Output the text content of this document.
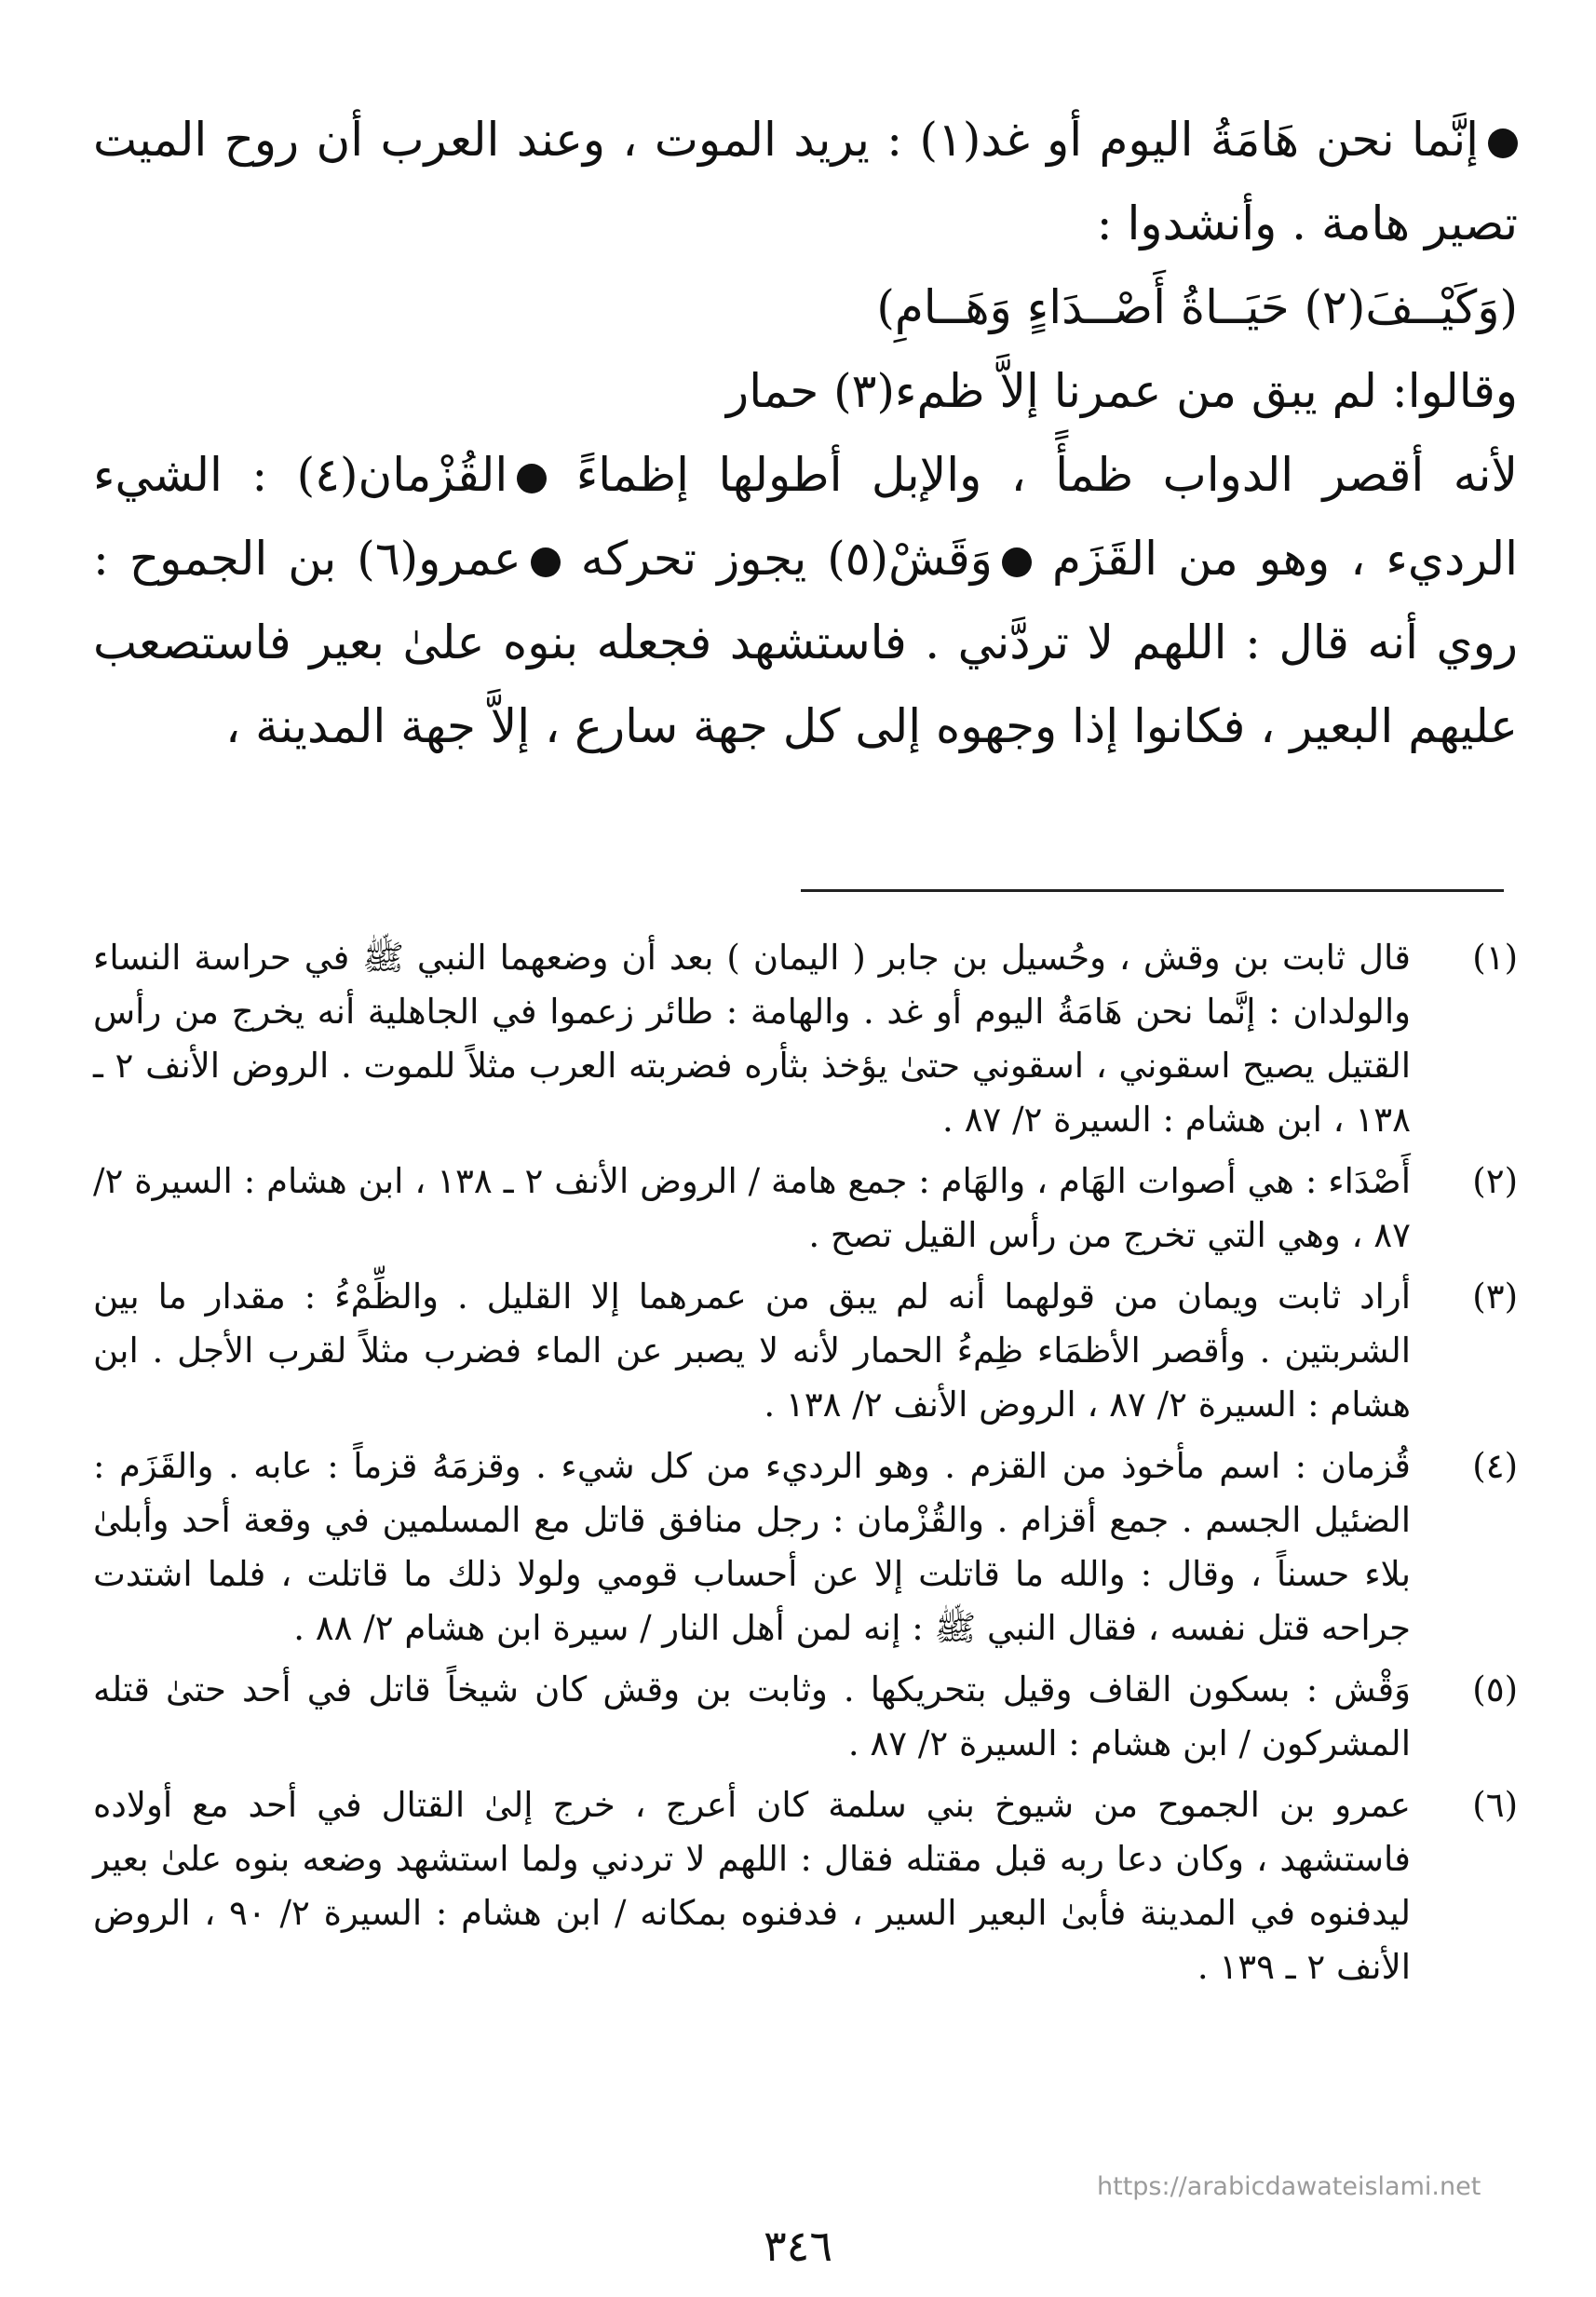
إنَّما نحن هَامَةُ اليوم أو غد(١) : يريد الموت ، وعند العرب أن روح الميت تصير هامة . وأنشدوا :

(وَكَيْــفَ(٢) حَيَــاةُ أَصْــدَاءٍ وَهَــامِ)

وقالوا: لم يبق من عمرنا إلاَّ ظمء(٣) حمار

لأنه أقصر الدواب ظمأً ، والإبل أطولها إظماءً القُزْمان(٤) : الشيء الرديء ، وهو من القَزَم وَقَشْ(٥) يجوز تحركه عمرو(٦) بن الجموح : روي أنه قال : اللهم لا تردَّني . فاستشهد فجعله بنوه علىٰ بعير فاستصعب عليهم البعير ، فكانوا إذا وجهوه إلى كل جهة سارع ، إلاَّ جهة المدينة ،

(١)
قال ثابت بن وقش ، وحُسيل بن جابر ( اليمان ) بعد أن وضعهما النبي ﷺ في حراسة النساء والولدان : إنَّما نحن هَامَةُ اليوم أو غد . والهامة : طائر زعموا في الجاهلية أنه يخرج من رأس القتيل يصيح اسقوني ، اسقوني حتىٰ يؤخذ بثأره فضربته العرب مثلاً للموت . الروض الأنف ٢ ـ ١٣٨ ، ابن هشام : السيرة ٢/ ٨٧ .
(٢)
أَصْدَاء : هي أصوات الهَام ، والهَام : جمع هامة / الروض الأنف ٢ ـ ١٣٨ ، ابن هشام : السيرة ٢/ ٨٧ ، وهي التي تخرج من رأس القيل تصح .
(٣)
أراد ثابت ويمان من قولهما أنه لم يبق من عمرهما إلا القليل . والظِّمْءُ : مقدار ما بين الشربتين . وأقصر الأظمَاء ظِمءُ الحمار لأنه لا يصبر عن الماء فضرب مثلاً لقرب الأجل . ابن هشام : السيرة ٢/ ٨٧ ، الروض الأنف ٢/ ١٣٨ .
(٤)
قُزمان : اسم مأخوذ من القزم . وهو الرديء من كل شيء . وقزمَهُ قزماً : عابه . والقَزَم : الضئيل الجسم . جمع أقزام . والقُزْمان : رجل منافق قاتل مع المسلمين في وقعة أحد وأبلىٰ بلاء حسناً ، وقال : والله ما قاتلت إلا عن أحساب قومي ولولا ذلك ما قاتلت ، فلما اشتدت جراحه قتل نفسه ، فقال النبي ﷺ : إنه لمن أهل النار / سيرة ابن هشام ٢/ ٨٨ .
(٥)
وَقْش : بسكون القاف وقيل بتحريكها . وثابت بن وقش كان شيخاً قاتل في أحد حتىٰ قتله المشركون / ابن هشام : السيرة ٢/ ٨٧ .
(٦)
عمرو بن الجموح من شيوخ بني سلمة كان أعرج ، خرج إلىٰ القتال في أحد مع أولاده فاستشهد ، وكان دعا ربه قبل مقتله فقال : اللهم لا تردني ولما استشهد وضعه بنوه علىٰ بعير ليدفنوه في المدينة فأبىٰ البعير السير ، فدفنوه بمكانه / ابن هشام : السيرة ٢/ ٩٠ ، الروض الأنف ٢ ـ ١٣٩ .
https://arabicdawateislami.net
٣٤٦
